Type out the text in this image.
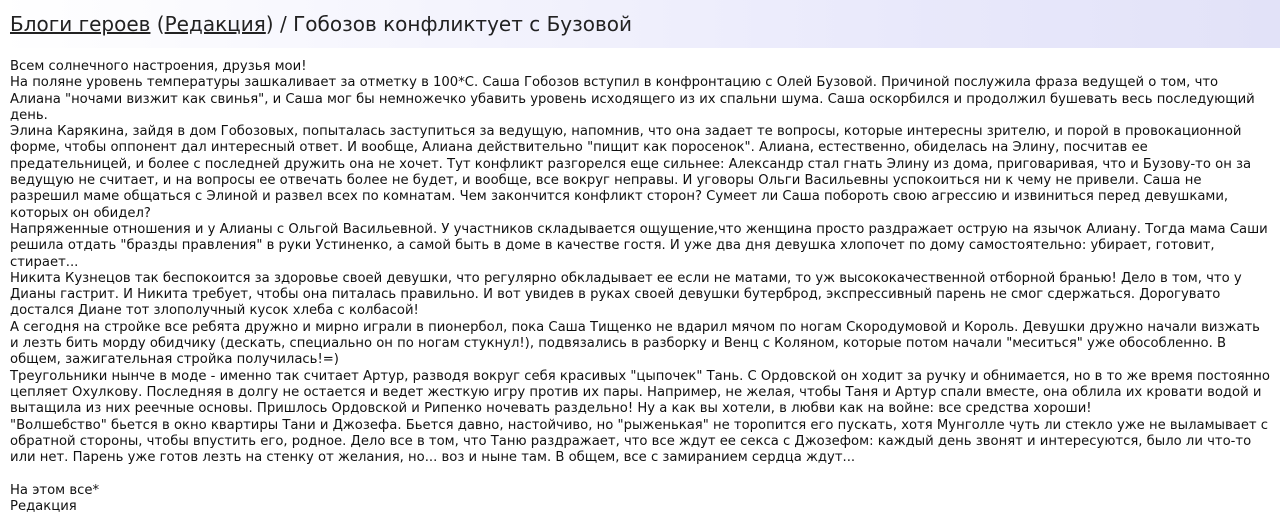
Блоги героев (Редакция) / Гобозов конфликтует с Бузовой

Всем солнечного настроения, друзья мои!

На поляне уровень температуры зашкаливает за отметку в 100*С. Саша Гобозов вступил в конфронтацию с Олей Бузовой. Причиной послужила фраза ведущей о том, что Алиана "ночами визжит как свинья", и Саша мог бы немножечко убавить уровень исходящего из их спальни шума. Саша оскорбился и продолжил бушевать весь последующий день.

Элина Карякина, зайдя в дом Гобозовых, попыталась заступиться за ведущую, напомнив, что она задает те вопросы, которые интересны зрителю, и порой в провокационной форме, чтобы оппонент дал интересный ответ. И вообще, Алиана действительно "пищит как поросенок". Алиана, естественно, обиделась на Элину, посчитав ее предательницей, и более с последней дружить она не хочет. Тут конфликт разгорелся еще сильнее: Александр стал гнать Элину из дома, приговаривая, что и Бузову-то он за ведущую не считает, и на вопросы ее отвечать более не будет, и вообще, все вокруг неправы. И уговоры Ольги Васильевны успокоиться ни к чему не привели. Саша не разрешил маме общаться с Элиной и развел всех по комнатам. Чем закончится конфликт сторон? Сумеет ли Саша побороть свою агрессию и извиниться перед девушками, которых он обидел?

Напряженные отношения и у Алианы с Ольгой Васильевной. У участников складывается ощущение,что женщина просто раздражает острую на язычок Алиану. Тогда мама Саши решила отдать "бразды правления" в руки Устиненко, а самой быть в доме в качестве гостя. И уже два дня девушка хлопочет по дому самостоятельно: убирает, готовит, стирает...

Никита Кузнецов так беспокоится за здоровье своей девушки, что регулярно обкладывает ее если не матами, то уж высококачественной отборной бранью! Дело в том, что у Дианы гастрит. И Никита требует, чтобы она питалась правильно. И вот увидев в руках своей девушки бутерброд, экспрессивный парень не смог сдержаться. Дорогувато достался Диане тот злополучный кусок хлеба с колбасой!

А сегодня на стройке все ребята дружно и мирно играли в пионербол, пока Саша Тищенко не вдарил мячом по ногам Скородумовой и Король. Девушки дружно начали визжать и лезть бить морду обидчику (дескать, специально он по ногам стукнул!), подвязались в разборку и Венц с Коляном, которые потом начали "меситься" уже обособленно. В общем, зажигательная стройка получилась!=)

Треугольники нынче в моде - именно так считает Артур, разводя вокруг себя красивых "цыпочек" Тань. С Ордовской он ходит за ручку и обнимается, но в то же время постоянно цепляет Охулкову. Последняя в долгу не остается и ведет жесткую игру против их пары. Например, не желая, чтобы Таня и Артур спали вместе, она облила их кровати водой и вытащила из них реечные основы. Пришлось Ордовской и Рипенко ночевать раздельно! Ну а как вы хотели, в любви как на войне: все средства хороши!

"Волшебство" бьется в окно квартиры Тани и Джозефа. Бьется давно, настойчиво, но "рыженькая" не торопится его пускать, хотя Мунголле чуть ли стекло уже не выламывает с обратной стороны, чтобы впустить его, родное. Дело все в том, что Таню раздражает, что все ждут ее секса с Джозефом: каждый день звонят и интересуются, было ли что-то или нет. Парень уже готов лезть на стенку от желания, но... воз и ныне там. В общем, все с замиранием сердца ждут...

На этом все*

Редакция
